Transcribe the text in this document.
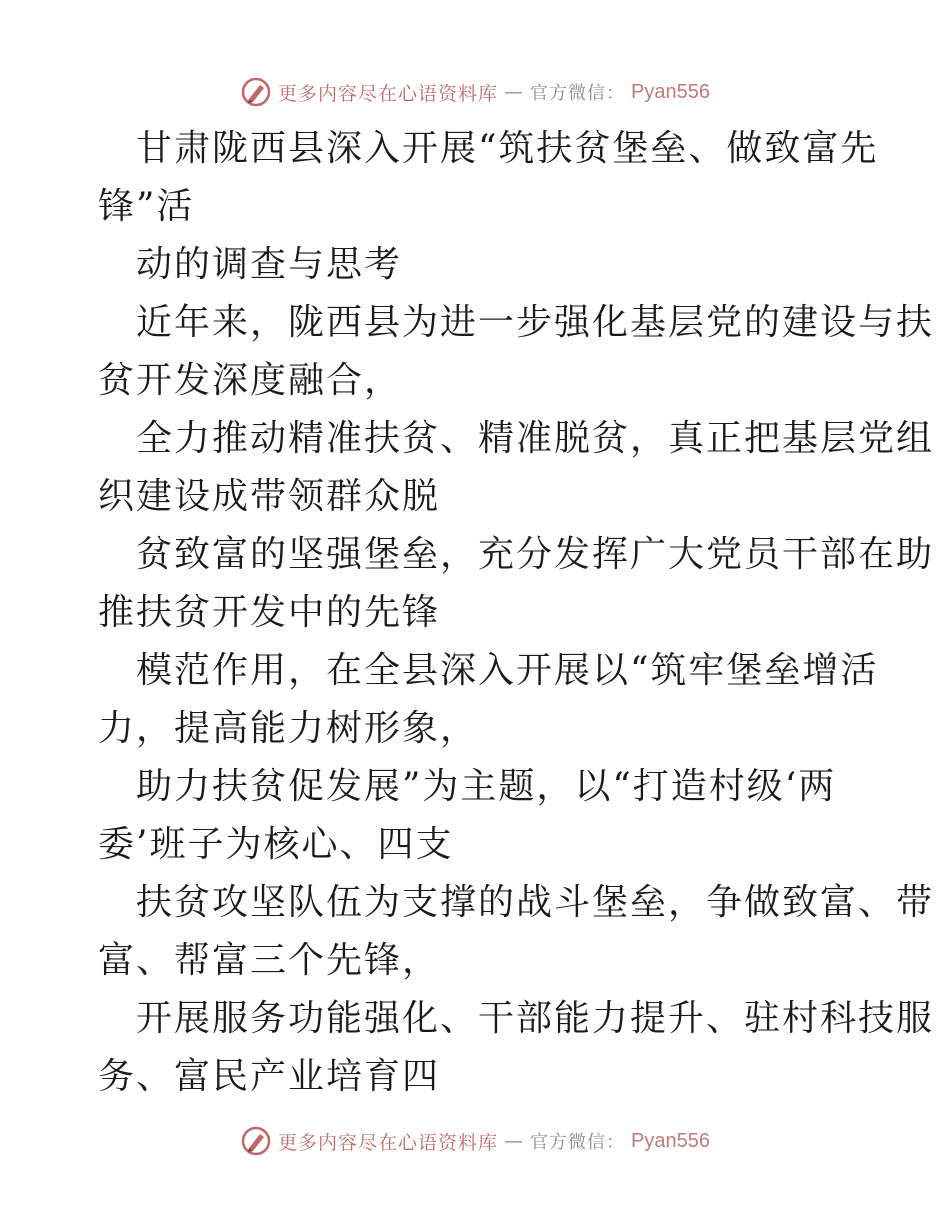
更多内容尽在心语资料库 — 官方微信： Pyan556
甘肃陇西县深入开展“筑扶贫堡垒、做致富先
锋”活
动的调查与思考
近年来，陇西县为进一步强化基层党的建设与扶
贫开发深度融合，
全力推动精准扶贫、精准脱贫，真正把基层党组
织建设成带领群众脱
贫致富的坚强堡垒，充分发挥广大党员干部在助
推扶贫开发中的先锋
模范作用，在全县深入开展以“筑牢堡垒增活
力，提高能力树形象，
助力扶贫促发展”为主题，以“打造村级‘两
委’班子为核心、四支
扶贫攻坚队伍为支撑的战斗堡垒，争做致富、带
富、帮富三个先锋，
开展服务功能强化、干部能力提升、驻村科技服
务、富民产业培育四
更多内容尽在心语资料库 — 官方微信： Pyan556
